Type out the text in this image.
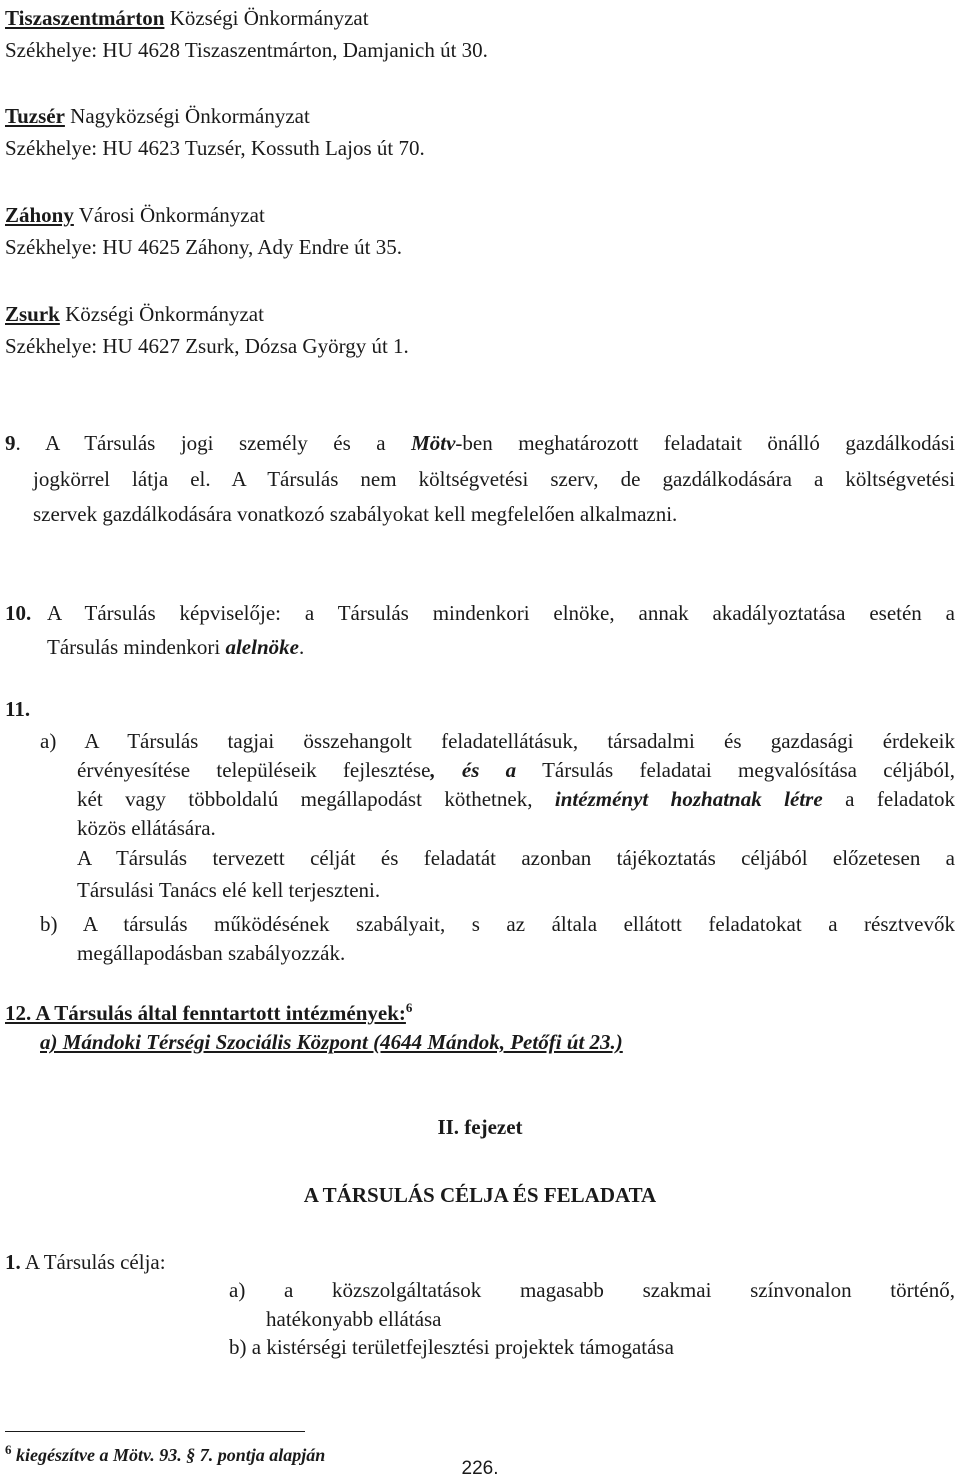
Tiszaszentmárton Községi Önkormányzat
Székhelye: HU 4628 Tiszaszentmárton, Damjanich út 30.
Tuzsér Nagyközségi Önkormányzat
Székhelye: HU 4623 Tuzsér, Kossuth Lajos út 70.
Záhony Városi Önkormányzat
Székhelye: HU 4625 Záhony, Ady Endre út 35.
Zsurk Községi Önkormányzat
Székhelye: HU 4627 Zsurk, Dózsa György út 1.
9. A Társulás jogi személy és a Mötv-ben meghatározott feladatait önálló gazdálkodási
jogkörrel látja el. A Társulás nem költségvetési szerv, de gazdálkodására a költségvetési
szervek gazdálkodására vonatkozó szabályokat kell megfelelően alkalmazni.
10. A Társulás képviselője: a Társulás mindenkori elnöke, annak akadályoztatása esetén a
Társulás mindenkori alelnöke.
11.
a) A Társulás tagjai összehangolt feladatellátásuk, társadalmi és gazdasági érdekeik
érvényesítése településeik fejlesztése, és a Társulás feladatai megvalósítása céljából,
két vagy többoldalú megállapodást köthetnek, intézményt hozhatnak létre a feladatok
közös ellátására.
A Társulás tervezett célját és feladatát azonban tájékoztatás céljából előzetesen a
Társulási Tanács elé kell terjeszteni.
b) A társulás működésének szabályait, s az általa ellátott feladatokat a résztvevők
megállapodásban szabályozzák.
12. A Társulás által fenntartott intézmények:$^6$
a) Mándoki Térségi Szociális Központ (4644 Mándok, Petőfi út 23.)
II. fejezet
A TÁRSULÁS CÉLJA ÉS FELADATA
1. A Társulás célja:
a) a közszolgáltatások magasabb szakmai színvonalon történő,
hatékonyabb ellátása
b) a kistérségi területfejlesztési projektek támogatása
$^6$ kiegészítve a Mötv. 93. § 7. pontja alapján
226.
